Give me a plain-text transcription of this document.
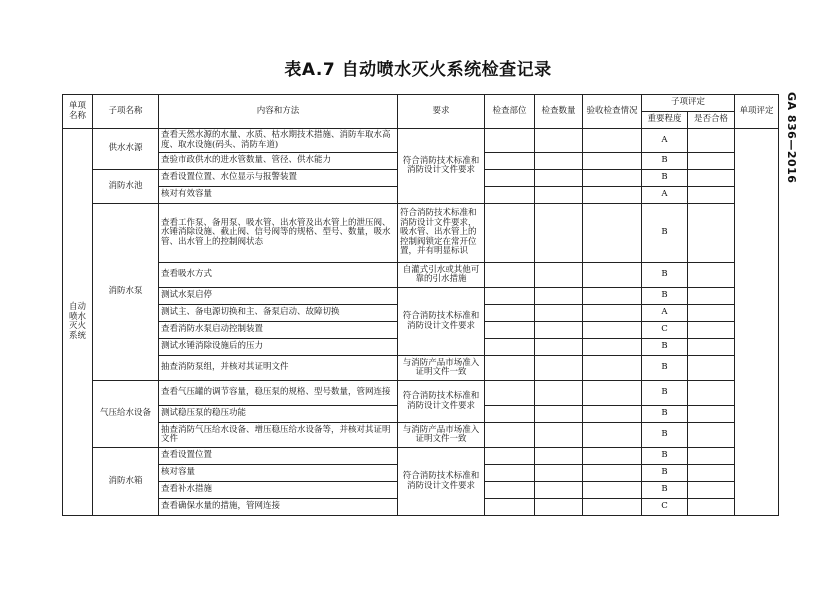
表A.7 自动喷水灭火系统检查记录
GA 836—2016
单项名称	子项名称	内容和方法	要求	检查部位	检查数量	验收检查情况	子项评定		单项评定
							重要程度	是否合格	
自动喷水灭火系统	供水水源	查看天然水源的水量、水质、枯水期技术措施、消防车取水高度、取水设施(码头、消防车道)	符合消防技术标准和消防设计文件要求				A		
		查验市政供水的进水管数量、管径、供水能力					B		
	消防水池	查看设置位置、水位显示与报警装置					B		
		核对有效容量					A		
	消防水泵	查看工作泵、备用泵、吸水管、出水管及出水管上的泄压阀、水锤消除设施、截止阀、信号阀等的规格、型号、数量，吸水管、出水管上的控制阀状态	符合消防技术标准和消防设计文件要求，吸水管、出水管上的控制阀锁定在常开位置，并有明显标识				B		
		查看吸水方式	自灌式引水或其他可靠的引水措施				B		
		测试水泵启停	符合消防技术标准和消防设计文件要求				B		
		测试主、备电源切换和主、备泵启动、故障切换					A		
		查看消防水泵启动控制装置					C		
		测试水锤消除设施后的压力					B		
		抽查消防泵组，并核对其证明文件	与消防产品市场准入证明文件一致				B		
	气压给水设备	查看气压罐的调节容量，稳压泵的规格、型号数量，管网连接	符合消防技术标准和消防设计文件要求				B		
		测试稳压泵的稳压功能					B		
		抽查消防气压给水设备、增压稳压给水设备等，并核对其证明文件	与消防产品市场准入证明文件一致				B		
	消防水箱	查看设置位置	符合消防技术标准和消防设计文件要求				B		
		核对容量					B		
		查看补水措施					B		
		查看确保水量的措施，管网连接					C		
